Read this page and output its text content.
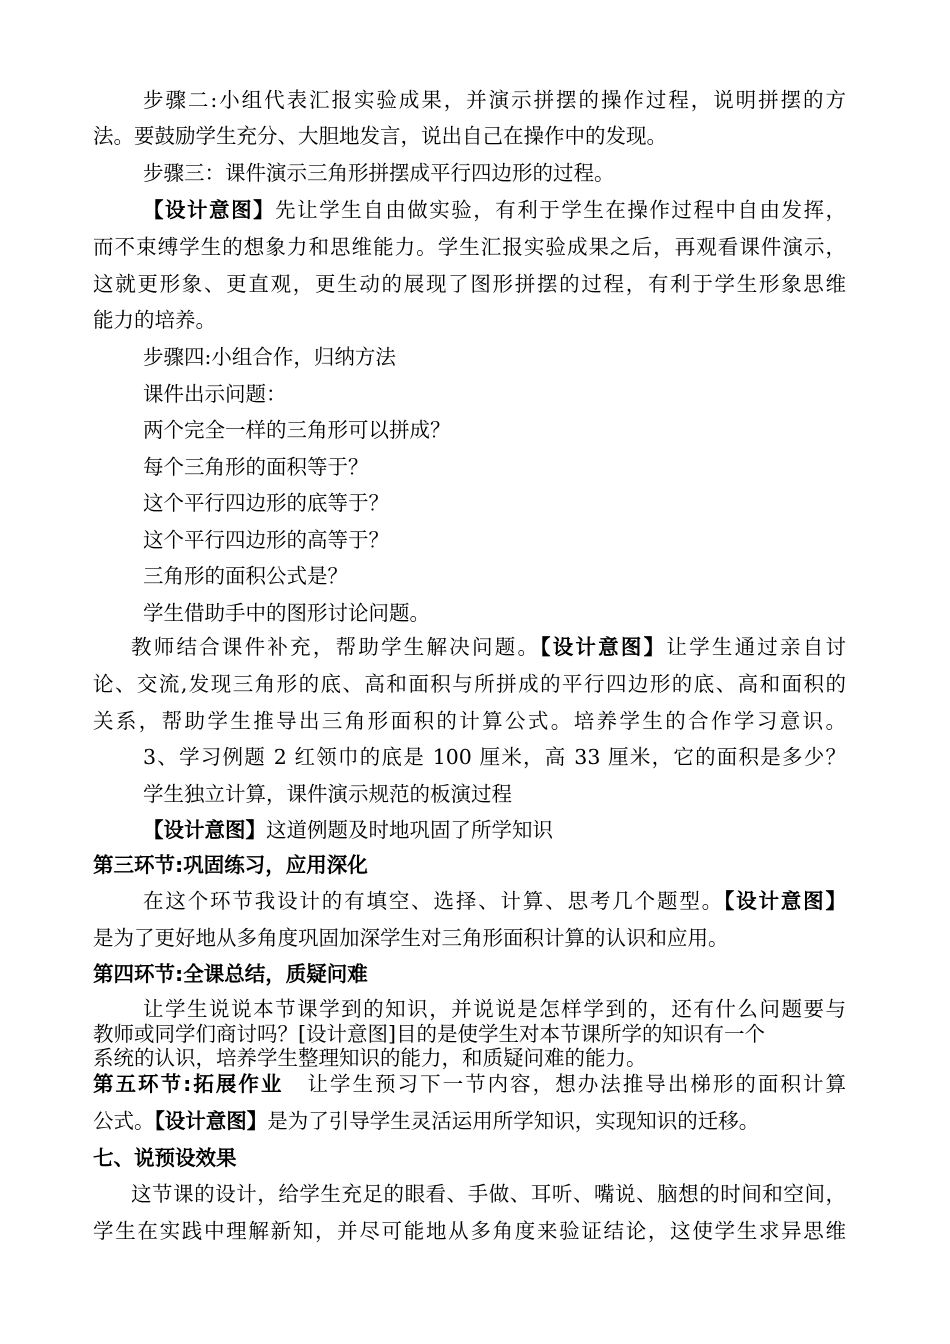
步骤二:小组代表汇报实验成果，并演示拼摆的操作过程，说明拼摆的方
法。要鼓励学生充分、大胆地发言，说出自己在操作中的发现。
步骤三：课件演示三角形拼摆成平行四边形的过程。
【设计意图】先让学生自由做实验，有利于学生在操作过程中自由发挥，
而不束缚学生的想象力和思维能力。学生汇报实验成果之后，再观看课件演示，
这就更形象、更直观，更生动的展现了图形拼摆的过程，有利于学生形象思维
能力的培养。
步骤四:小组合作，归纳方法
课件出示问题：
两个完全一样的三角形可以拼成？
每个三角形的面积等于？
这个平行四边形的底等于？
这个平行四边形的高等于？
三角形的面积公式是？
学生借助手中的图形讨论问题。
教师结合课件补充，帮助学生解决问题。【设计意图】让学生通过亲自讨
论、交流,发现三角形的底、高和面积与所拼成的平行四边形的底、高和面积的
关系，帮助学生推导出三角形面积的计算公式。培养学生的合作学习意识。
3、学习例题 2 红领巾的底是 100 厘米，高 33 厘米，它的面积是多少？
学生独立计算，课件演示规范的板演过程
【设计意图】这道例题及时地巩固了所学知识
第三环节:巩固练习，应用深化
在这个环节我设计的有填空、选择、计算、思考几个题型。【设计意图】
是为了更好地从多角度巩固加深学生对三角形面积计算的认识和应用。
第四环节:全课总结，质疑问难
让学生说说本节课学到的知识，并说说是怎样学到的，还有什么问题要与
教师或同学们商讨吗？[设计意图]目的是使学生对本节课所学的知识有一个
系统的认识，培养学生整理知识的能力，和质疑问难的能力。
第五环节:拓展作业 让学生预习下一节内容，想办法推导出梯形的面积计算
公式。【设计意图】是为了引导学生灵活运用所学知识，实现知识的迁移。
七、说预设效果
这节课的设计，给学生充足的眼看、手做、耳听、嘴说、脑想的时间和空间，
学生在实践中理解新知，并尽可能地从多角度来验证结论，这使学生求异思维
